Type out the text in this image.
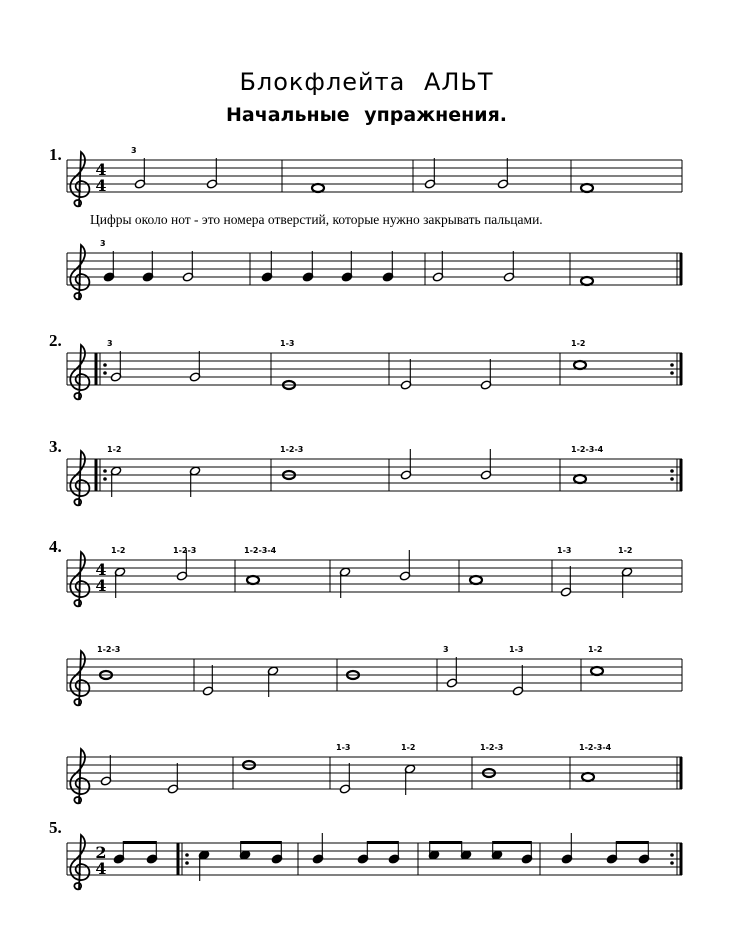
Блокфлейта АЛЬТ
Начальные упражнения.
1.
2.
3.
4.
5.
Цифры около нот - это номера отверстий, которые нужно закрывать пальцами.
4
4
3
3
3	1-3	1-2
1-2	1-2-3	1-2-3-4
4
4
1-2	1-2-3	1-2-3-4	1-3	1-2
1-2-3	3	1-3	1-2
1-3	1-2	1-2-3	1-2-3-4
2
4
